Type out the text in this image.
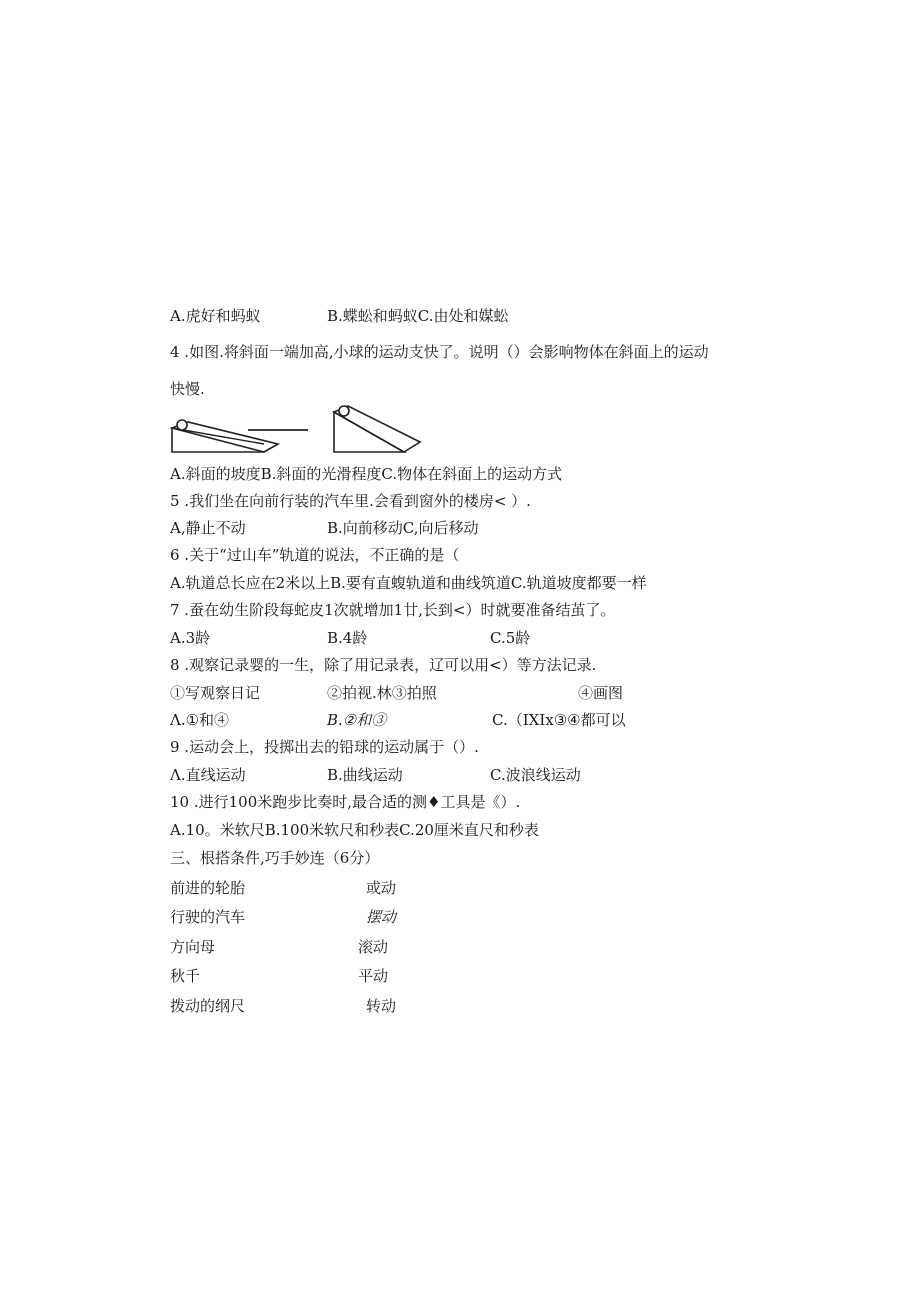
A.虎好和蚂蚁	B.蝶蚣和蚂蚁C.由处和媒蚣
4 .如图.将斜面一端加高,小球的运动支快了。说明（）会影响物体在斜面上的运动
快慢.
A.斜面的坡度B.斜面的光滑程度C.物体在斜面上的运动方式
5 .我们坐在向前行装的汽车里.会看到窗外的楼房< ）.
A,静止不动	B.向前移动C,向后移动
6 .关于“过山车”轨道的说法，不正确的是（
A.轨道总长应在2米以上B.要有直蝮轨道和曲线筑道C.轨道坡度都要一样
7 .蚕在幼生阶段每蛇皮1次就增加1廿,长到<）时就要准备结茧了。
A.3龄	B.4龄	C.5龄
8 .观察记录婴的一生，除了用记录表，辽可以用<）等方法记录.
①写观察日记	②拍视.林③拍照	④画图
Λ.①和④	B.②和③	C.（IXIx③④都可以
9 .运动会上，投掷出去的铅球的运动属于（）.
Λ.直线运动	B.曲线运动	C.波浪线运动
10 .进行100米跑步比奏时,最合适的测♦工具是《）.
A.10。米软尺B.100米软尺和秒表C.20厘米直尺和秒表
三、根搭条件,巧手妙连（6分）
前进的轮胎	或动
行驶的汽车	摆动
方向母	滚动
秋千	平动
拨动的纲尺	转动
